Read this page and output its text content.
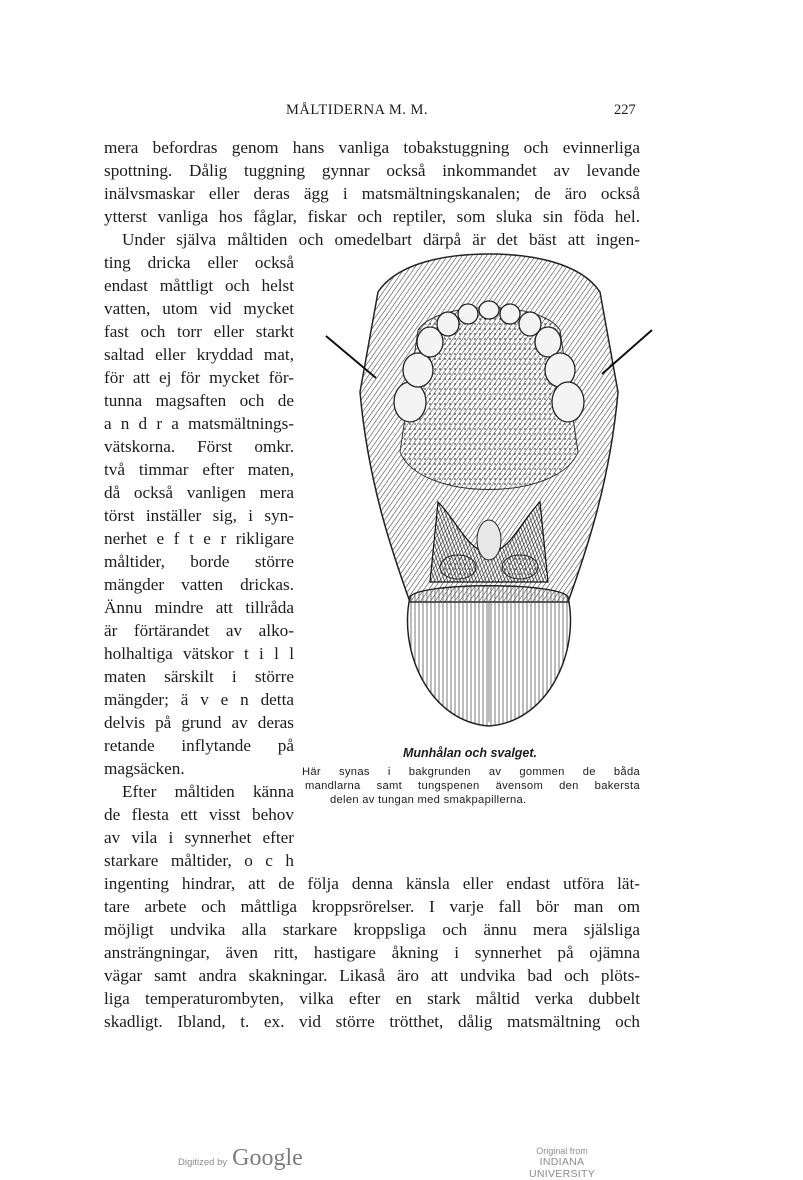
MÅLTIDERNA M. M.	227
mera befordras genom hans vanliga tobakstuggning och evinnerliga
spottning. Dålig tuggning gynnar också inkommandet av levande
inälvsmaskar eller deras ägg i matsmältningskanalen; de äro också
ytterst vanliga hos fåglar, fiskar och reptiler, som sluka sin föda hel.
Under själva måltiden och omedelbart därpå är det bäst att ingen-
ting dricka eller också
endast måttligt och helst
vatten, utom vid mycket
fast och torr eller starkt
saltad eller kryddad mat,
för att ej för mycket för-
tunna magsaften och de
a n d r a matsmältnings-
vätskorna. Först omkr.
två timmar efter maten,
då också vanligen mera
törst inställer sig, i syn-
nerhet e f t e r rikligare
måltider, borde större
mängder vatten drickas.
Ännu mindre att tillråda
är förtärandet av alko-
holhaltiga vätskor t i l l
maten särskilt i större
mängder; ä v e n detta
delvis på grund av deras
retande inflytande på
magsäcken.
Efter måltiden känna
de flesta ett visst behov
av vila i synnerhet efter
starkare måltider, o c h
ingenting hindrar, att de följa denna känsla eller endast utföra lät-
tare arbete och måttliga kroppsrörelser. I varje fall bör man om
möjligt undvika alla starkare kroppsliga och ännu mera själsliga
ansträngningar, även ritt, hastigare åkning i synnerhet på ojämna
vägar samt andra skakningar. Likaså äro att undvika bad och plöts-
liga temperaturombyten, vilka efter en stark måltid verka dubbelt
skadligt. Ibland, t. ex. vid större trötthet, dålig matsmältning och
Munhålan och svalget.
Här synas i bakgrunden av gommen de båda
mandlarna samt tungspenen ävensom den bakersta
delen av tungan med smakpapillerna.
Digitized by Google	Original from
INDIANA UNIVERSITY
